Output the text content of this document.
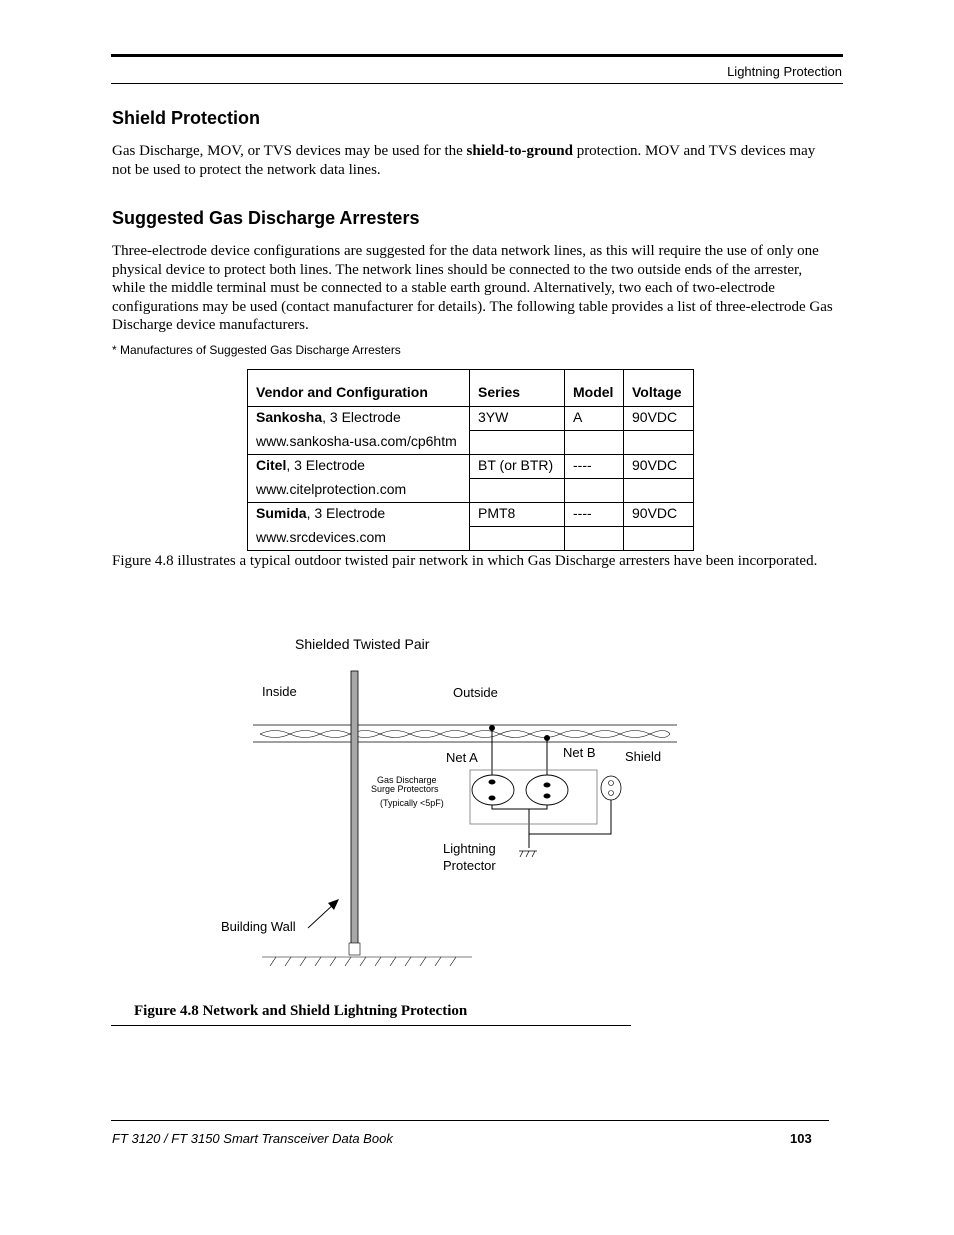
Lightning Protection
Shield Protection

Gas Discharge, MOV, or TVS devices may be used for the shield-to-ground protection. MOV and TVS devices may not be used to protect the network data lines.

Suggested Gas Discharge Arresters

Three-electrode device configurations are suggested for the data network lines, as this will require the use of only one physical device to protect both lines. The network lines should be connected to the two outside ends of the arrester, while the middle terminal must be connected to a stable earth ground. Alternatively, two each of two-electrode configurations may be used (contact manufacturer for details). The following table provides a list of three-electrode Gas Discharge device manufacturers.

* Manufactures of Suggested Gas Discharge Arresters
Vendor and Configuration	Series	Model	Voltage
Sankosha, 3 Electrode	3YW	A	90VDC
www.sankosha-usa.com/cp6htm			
Citel, 3 Electrode	BT (or BTR)	----	90VDC
www.citelprotection.com			
Sumida, 3 Electrode	PMT8	----	90VDC
www.srcdevices.com			

Figure 4.8 illustrates a typical outdoor twisted pair network in which Gas Discharge arresters have been incorporated.

Shielded Twisted Pair
Inside	Outside
Net A	Net B Shield
Gas Discharge
Surge Protectors
(Typically <5pF)
Lightning
Protector
Building Wall
Figure 4.8 Network and Shield Lightning Protection
FT 3120 / FT 3150 Smart Transceiver Data Book	103
